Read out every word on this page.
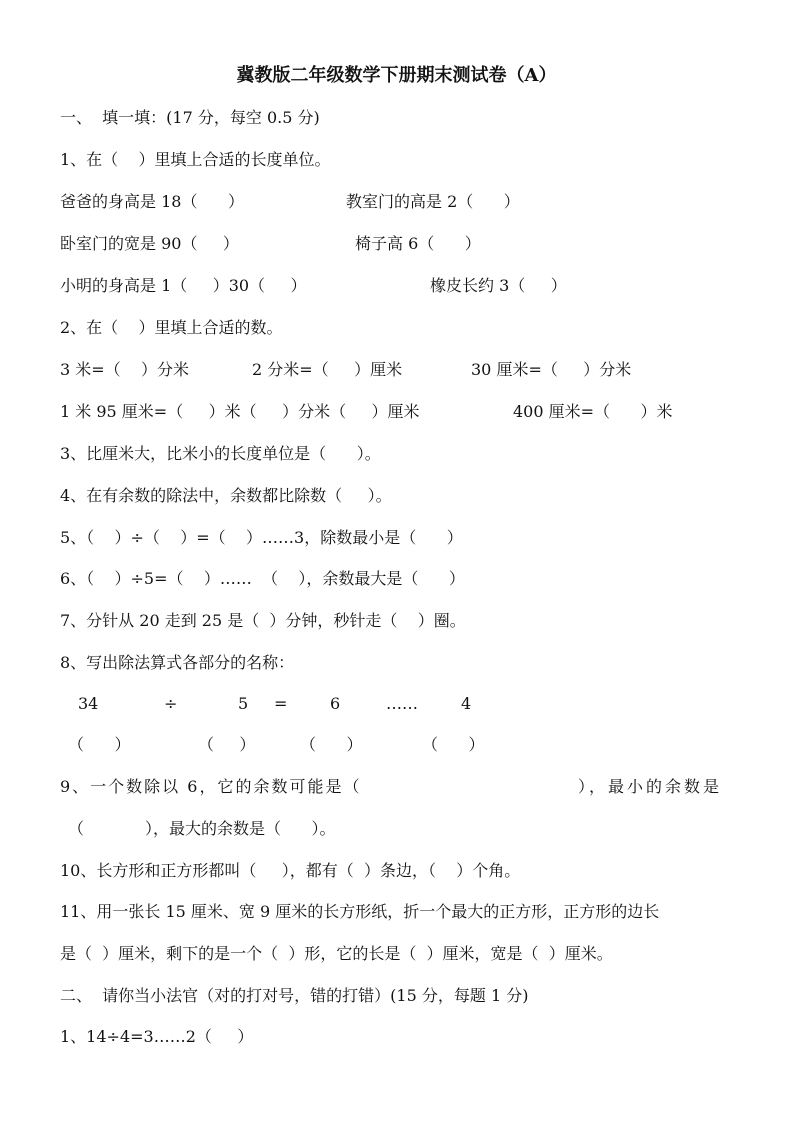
冀教版二年级数学下册期末测试卷（A）
一、  填一填：(17 分，每空 0.5 分)
1、在（    ）里填上合适的长度单位。
爸爸的身高是 18（      ）	教室门的高是 2（      ）
卧室门的宽是 90（     ）	椅子高 6（      ）
小明的身高是 1（     ）30（     ）	橡皮长约 3（     ）
2、在（    ）里填上合适的数。
3 米=（    ）分米	2 分米=（     ）厘米	30 厘米=（     ）分米
1 米 95 厘米=（     ）米（     ）分米（     ）厘米	400 厘米=（      ）米
3、比厘米大，比米小的长度单位是（      ）。
4、在有余数的除法中，余数都比除数（     ）。
5、（    ）÷（    ）=（    ）……3，除数最小是（      ）
6、（    ）÷5=（    ）……  （    ），余数最大是（      ）
7、分针从 20 走到 25 是（  ）分钟，秒针走（    ）圈。
8、写出除法算式各部分的名称：
34	÷	5 =	6	……	4
（      ）	（     ）	（      ）	（      ）
9、一个数除以 6，它的余数可能是（	），最小的余数是
（            ），最大的余数是（      ）。
10、长方形和正方形都叫（     ），都有（  ）条边，（    ）个角。
11、用一张长 15 厘米、宽 9 厘米的长方形纸，折一个最大的正方形，正方形的边长
是（  ）厘米，剩下的是一个（  ）形，它的长是（  ）厘米，宽是（  ）厘米。
二、  请你当小法官（对的打对号，错的打错）(15 分，每题 1 分)
1、14÷4=3……2（     ）
